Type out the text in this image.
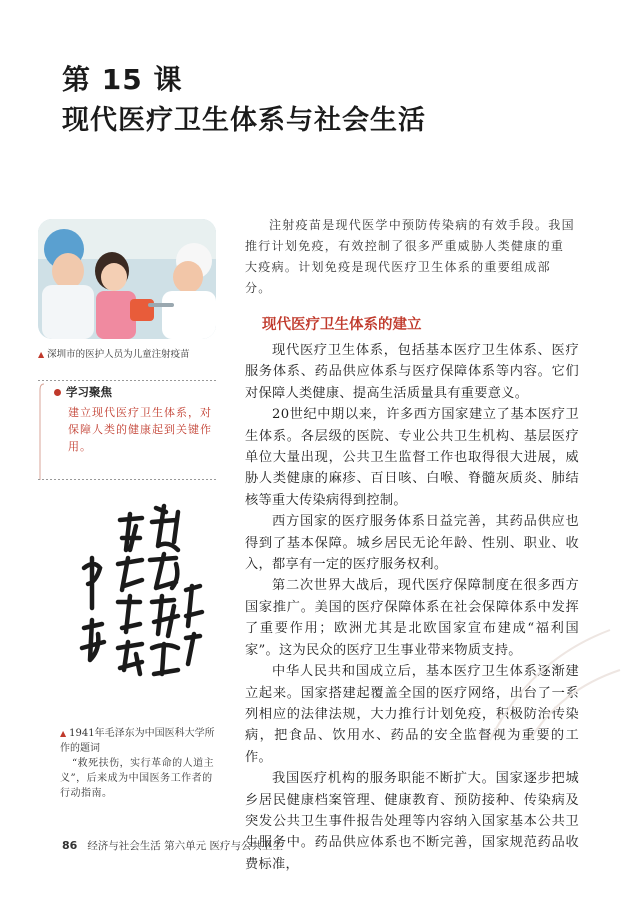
第 15 课
现代医疗卫生体系与社会生活
▲ 深圳市的医护人员为儿童注射疫苗
学习聚焦
建立现代医疗卫生体系，对保障人类的健康起到关键作用。
▲ 1941年毛泽东为中国医科大学所作的题词
“救死扶伤，实行革命的人道主义”，后来成为中国医务工作者的行动指南。
注射疫苗是现代医学中预防传染病的有效手段。我国推行计划免疫，有效控制了很多严重威胁人类健康的重大疫病。计划免疫是现代医疗卫生体系的重要组成部分。
现代医疗卫生体系的建立

现代医疗卫生体系，包括基本医疗卫生体系、医疗服务体系、药品供应体系与医疗保障体系等内容。它们对保障人类健康、提高生活质量具有重要意义。

20世纪中期以来，许多西方国家建立了基本医疗卫生体系。各层级的医院、专业公共卫生机构、基层医疗单位大量出现，公共卫生监督工作也取得很大进展，威胁人类健康的麻疹、百日咳、白喉、脊髓灰质炎、肺结核等重大传染病得到控制。

西方国家的医疗服务体系日益完善，其药品供应也得到了基本保障。城乡居民无论年龄、性别、职业、收入，都享有一定的医疗服务权利。

第二次世界大战后，现代医疗保障制度在很多西方国家推广。美国的医疗保障体系在社会保障体系中发挥了重要作用；欧洲尤其是北欧国家宣布建成“福利国家”。这为民众的医疗卫生事业带来物质支持。

中华人民共和国成立后，基本医疗卫生体系逐渐建立起来。国家搭建起覆盖全国的医疗网络，出台了一系列相应的法律法规，大力推行计划免疫，积极防治传染病，把食品、饮用水、药品的安全监督视为重要的工作。

我国医疗机构的服务职能不断扩大。国家逐步把城乡居民健康档案管理、健康教育、预防接种、传染病及突发公共卫生事件报告处理等内容纳入国家基本公共卫生服务中。药品供应体系也不断完善，国家规范药品收费标准，

86 经济与社会生活 第六单元 医疗与公共卫生
